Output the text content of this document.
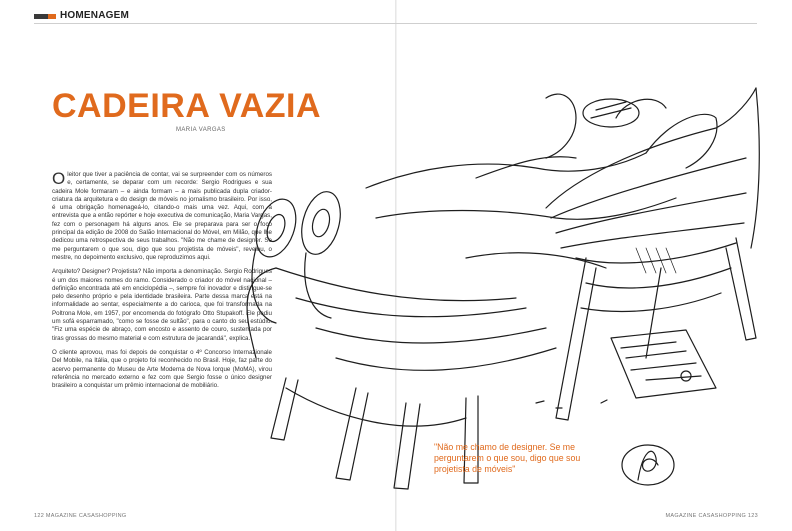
HOMENAGEM
CADEIRA VAZIA
MARIA VARGAS

Oleitor que tiver a paciência de contar, vai se surpreender com os números e, certamente, se deparar com um recorde: Sergio Rodrigues e sua cadeira Mole formaram – e ainda formam – a mais publicada dupla criador-criatura da arquitetura e do design de móveis no jornalismo brasileiro. Por isso, é uma obrigação homenageá-lo, citando-o mais uma vez. Aqui, com a entrevista que a então repórter e hoje executiva de comunicação, Maria Vargas, fez com o personagem há alguns anos. Ele se preparava para ser o foco principal da edição de 2008 do Salão Internacional do Móvel, em Milão, que lhe dedicou uma retrospectiva de seus trabalhos. "Não me chame de designer. Se me perguntarem o que sou, digo que sou projetista de móveis", revelou, o mestre, no depoimento exclusivo, que reproduzimos aqui.

Arquiteto? Designer? Projetista? Não importa a denominação. Sergio Rodrigues é um dos maiores nomes do ramo. Considerado o criador do móvel nacional – definição encontrada até em enciclopédia –, sempre foi inovador e distingue-se pelo desenho próprio e pela identidade brasileira. Parte dessa marca está na informalidade ao sentar, especialmente a do carioca, que foi transformada na Poltrona Mole, em 1957, por encomenda do fotógrafo Otto Stupakoff. Ele pediu um sofá esparramado, "como se fosse de sultão", para o canto do seu estúdio. "Fiz uma espécie de abraço, com encosto e assento de couro, sustentada por tiras grossas do mesmo material e com estrutura de jacarandá", explica.

O cliente aprovou, mas foi depois de conquistar o 4º Concorso Internazionale Del Mobile, na Itália, que o projeto foi reconhecido no Brasil. Hoje, faz parte do acervo permanente do Museu de Arte Moderna de Nova Iorque (MoMA), virou referência no mercado externo e fez com que Sergio fosse o único designer brasileiro a conquistar um prêmio internacional de mobiliário.

"Não me chamo de designer. Se me perguntarem o que sou, digo que sou projetista de móveis"
122 MAGAZINE CASASHOPPING	MAGAZINE CASASHOPPING 123
